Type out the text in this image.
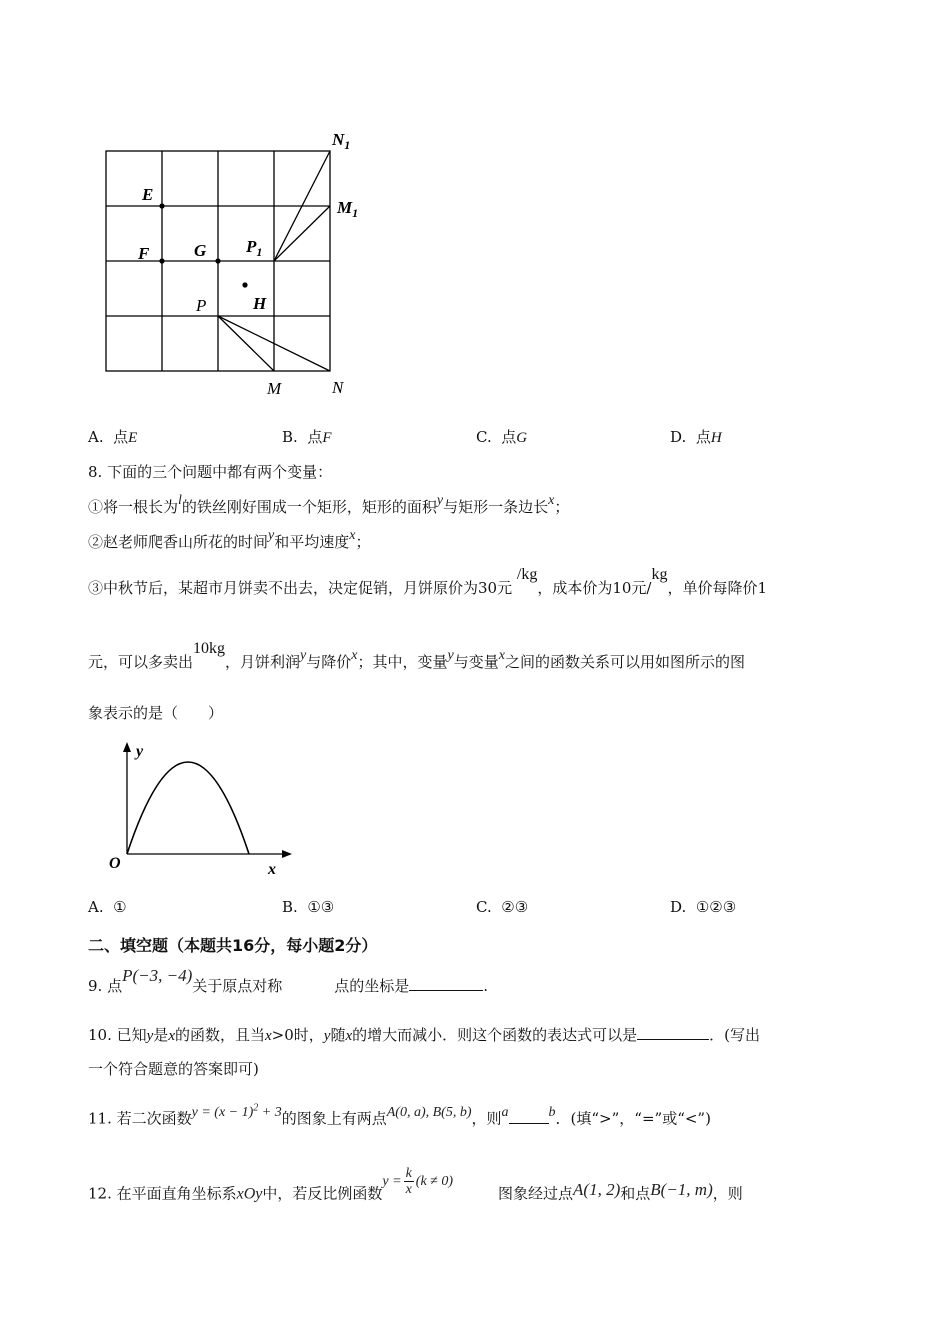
$N_1$
$M_1$
$P_1$
E
F	G
H
P
M	N
A. 点E	B. 点F	C. 点G	D. 点H
8. 下面的三个问题中都有两个变量：
①将一根长为l的铁丝刚好围成一个矩形，矩形的面积y与矩形一条边长x；
②赵老师爬香山所花的时间y和平均速度x；
③中秋节后，某超市月饼卖不出去，决定促销，月饼原价为30元 /kg，成本价为10元/kg，单价每降价1
元，可以多卖出10kg，月饼利润y与降价x；其中，变量y与变量x之间的函数关系可以用如图所示的图
象表示的是（　　）
y
x
O
A. ①	B. ①③	C. ②③	D. ①②③
二、填空题（本题共16分，每小题2分）
9. 点P(−3, −4)关于原点对称	点的坐标是	.
10. 已知y是x的函数，且当x>0时，y随x的增大而减小．则这个函数的表达式可以是	．(写出
一个符合题意的答案即可)
11. 若二次函数$y = (x - 1)^2 + 3$的图象上有两点A(0, a), B(5, b)，则a	b．(填“>”，“=”或“<”)
12. 在平面直角坐标系xOy中，若反比例函数
$y = \frac{k}{x} (k \ne 0)$
图象经过点A(1, 2)和点B(−1, m)，则
